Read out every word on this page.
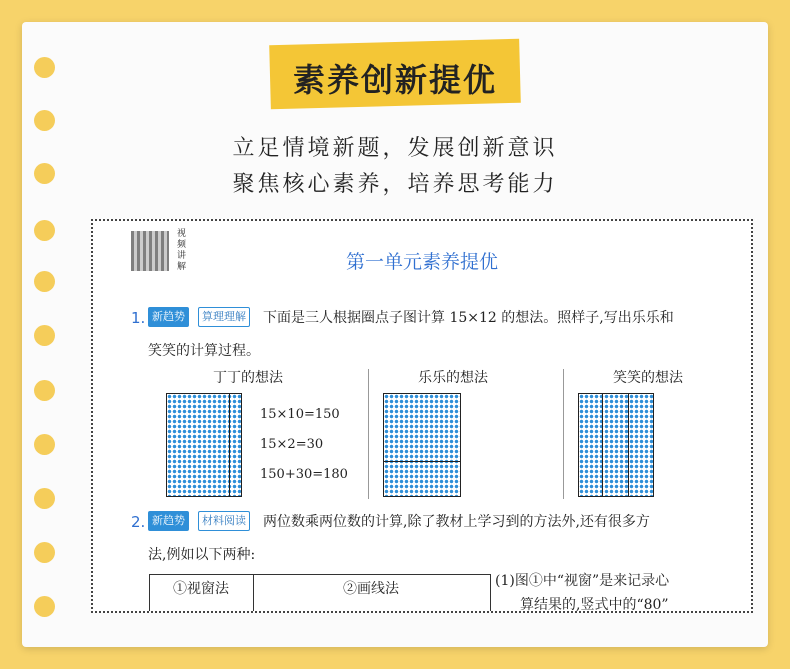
素养创新提优
立足情境新题，发展创新意识
聚焦核心素养，培养思考能力
视频讲解	第一单元素养提优
1. 新趋势	算理理解 下面是三人根据圈点子图计算 15×12 的想法。照样子,写出乐乐和
笑笑的计算过程。
丁丁的想法	乐乐的想法	笑笑的想法
15×10=150
15×2=30
150+30=180
2. 新趋势	材料阅读 两位数乘两位数的计算,除了教材上学习到的方法外,还有很多方
法,例如以下两种:
①视窗法	②画线法	(1)图①中“视窗”是来记录心
算结果的,竖式中的“80”
